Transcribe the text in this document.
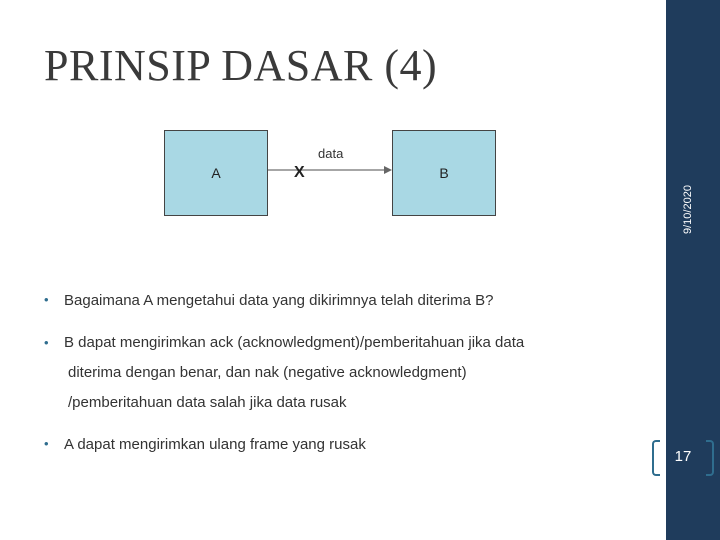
PRINSIP DASAR (4)
9/10/2020
17
A
data
X	B
• Bagaimana A mengetahui data yang dikirimnya telah diterima B?
• B dapat mengirimkan ack (acknowledgment)/pemberitahuan jika data
diterima dengan benar, dan nak (negative acknowledgment)
/pemberitahuan data salah jika data rusak
• A dapat mengirimkan ulang frame yang rusak
